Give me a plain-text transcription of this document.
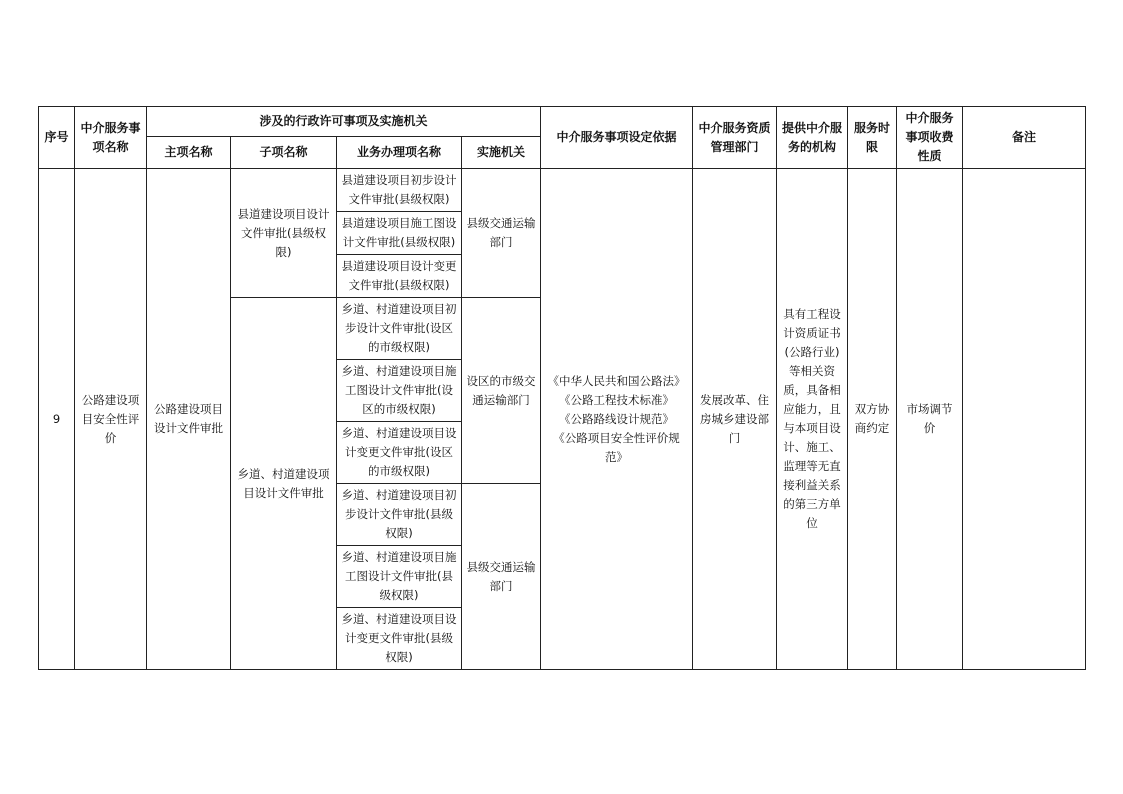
序号	中介服务事项名称	涉及的行政许可事项及实施机关				中介服务事项设定依据	中介服务资质管理部门	提供中介服务的机构	服务时限	中介服务事项收费性质	备注
		主项名称	子项名称	业务办理项名称	实施机关						
9	公路建设项目安全性评价	公路建设项目设计文件审批	县道建设项目设计文件审批(县级权限)	县道建设项目初步设计文件审批(县级权限)	县级交通运输部门	《中华人民共和国公路法》
《公路工程技术标准》
《公路路线设计规范》
《公路项目安全性评价规范》	发展改革、住房城乡建设部门	具有工程设计资质证书(公路行业)等相关资质，具备相应能力，且与本项目设计、施工、监理等无直接利益关系的第三方单位	双方协商约定	市场调节价	
				县道建设项目施工图设计文件审批(县级权限)							
				县道建设项目设计变更文件审批(县级权限)							
			乡道、村道建设项目设计文件审批	乡道、村道建设项目初步设计文件审批(设区的市级权限)	设区的市级交通运输部门						
				乡道、村道建设项目施工图设计文件审批(设区的市级权限)							
				乡道、村道建设项目设计变更文件审批(设区的市级权限)							
				乡道、村道建设项目初步设计文件审批(县级权限)	县级交通运输部门						
				乡道、村道建设项目施工图设计文件审批(县级权限)							
				乡道、村道建设项目设计变更文件审批(县级权限)							
